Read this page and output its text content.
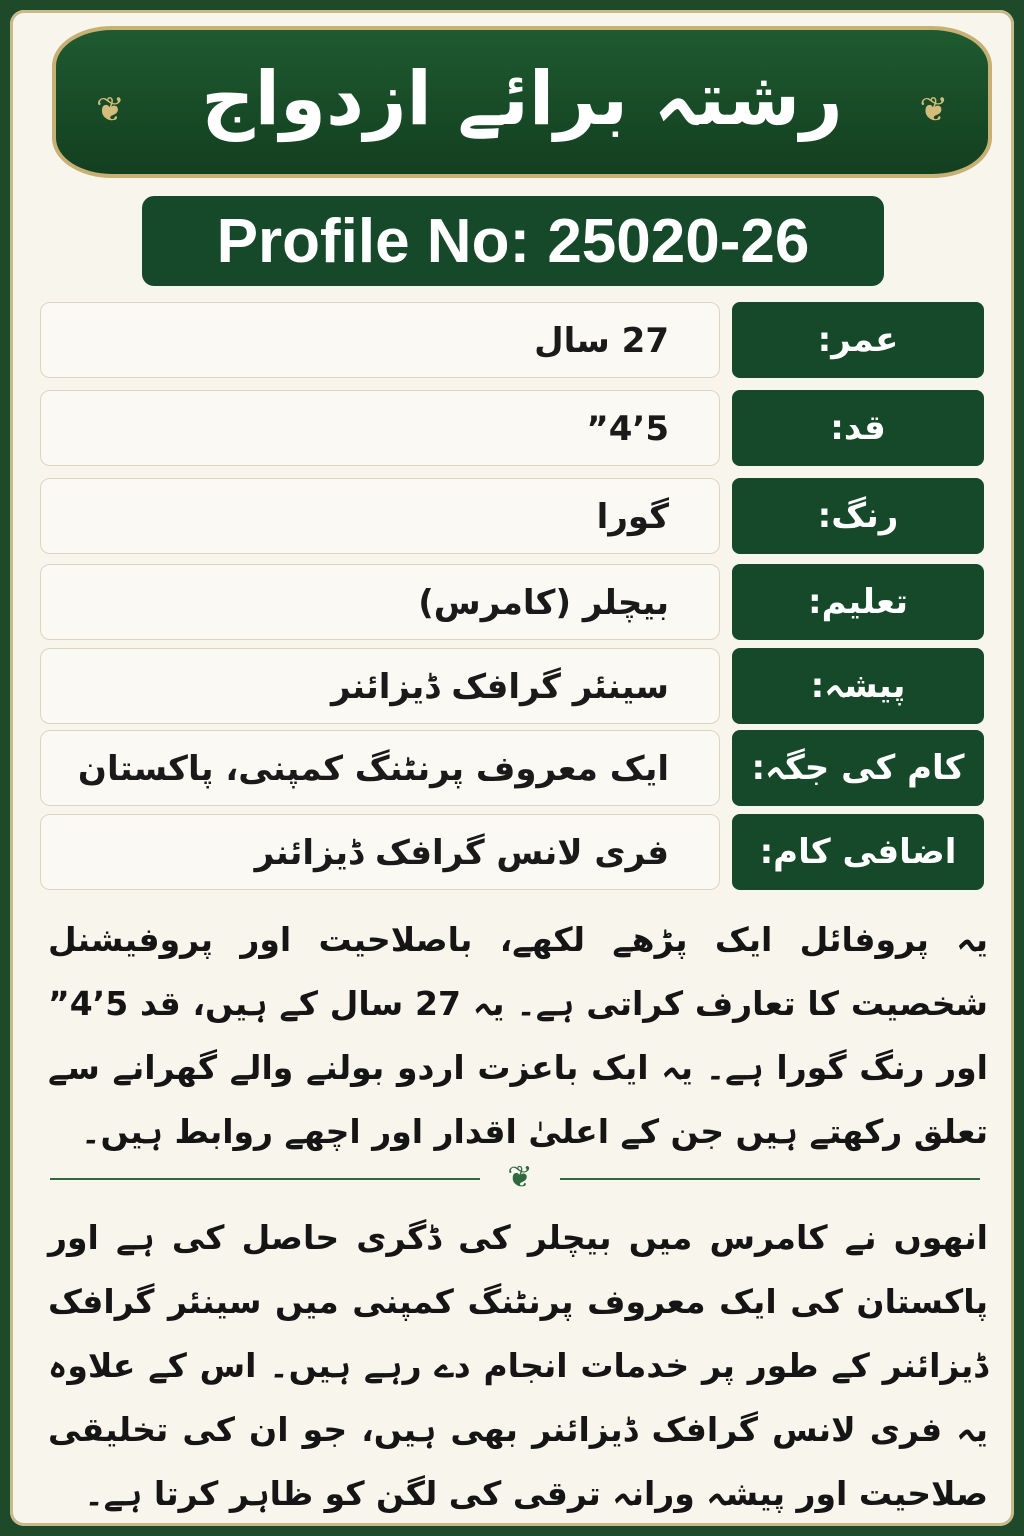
❦	رشتہ برائے ازدواج	❦
Profile No: 25020-26
27 سال	عمر:
5’4”	قد:
گورا	رنگ:
بیچلر (کامرس)	تعلیم:
سینئر گرافک ڈیزائنر	پیشہ:
ایک معروف پرنٹنگ کمپنی، پاکستان	کام کی جگہ:
فری لانس گرافک ڈیزائنر	اضافی کام:
یہ پروفائل ایک پڑھے لکھے، باصلاحیت اور پروفیشنل شخصیت کا تعارف کراتی ہے۔ یہ 27 سال کے ہیں، قد 5’4” اور رنگ گورا ہے۔ یہ ایک باعزت اردو بولنے والے گھرانے سے تعلق رکھتے ہیں جن کے اعلیٰ اقدار اور اچھے روابط ہیں۔
❦
انھوں نے کامرس میں بیچلر کی ڈگری حاصل کی ہے اور پاکستان کی ایک معروف پرنٹنگ کمپنی میں سینئر گرافک ڈیزائنر کے طور پر خدمات انجام دے رہے ہیں۔ اس کے علاوہ یہ فری لانس گرافک ڈیزائنر بھی ہیں، جو ان کی تخلیقی صلاحیت اور پیشہ ورانہ ترقی کی لگن کو ظاہر کرتا ہے۔
